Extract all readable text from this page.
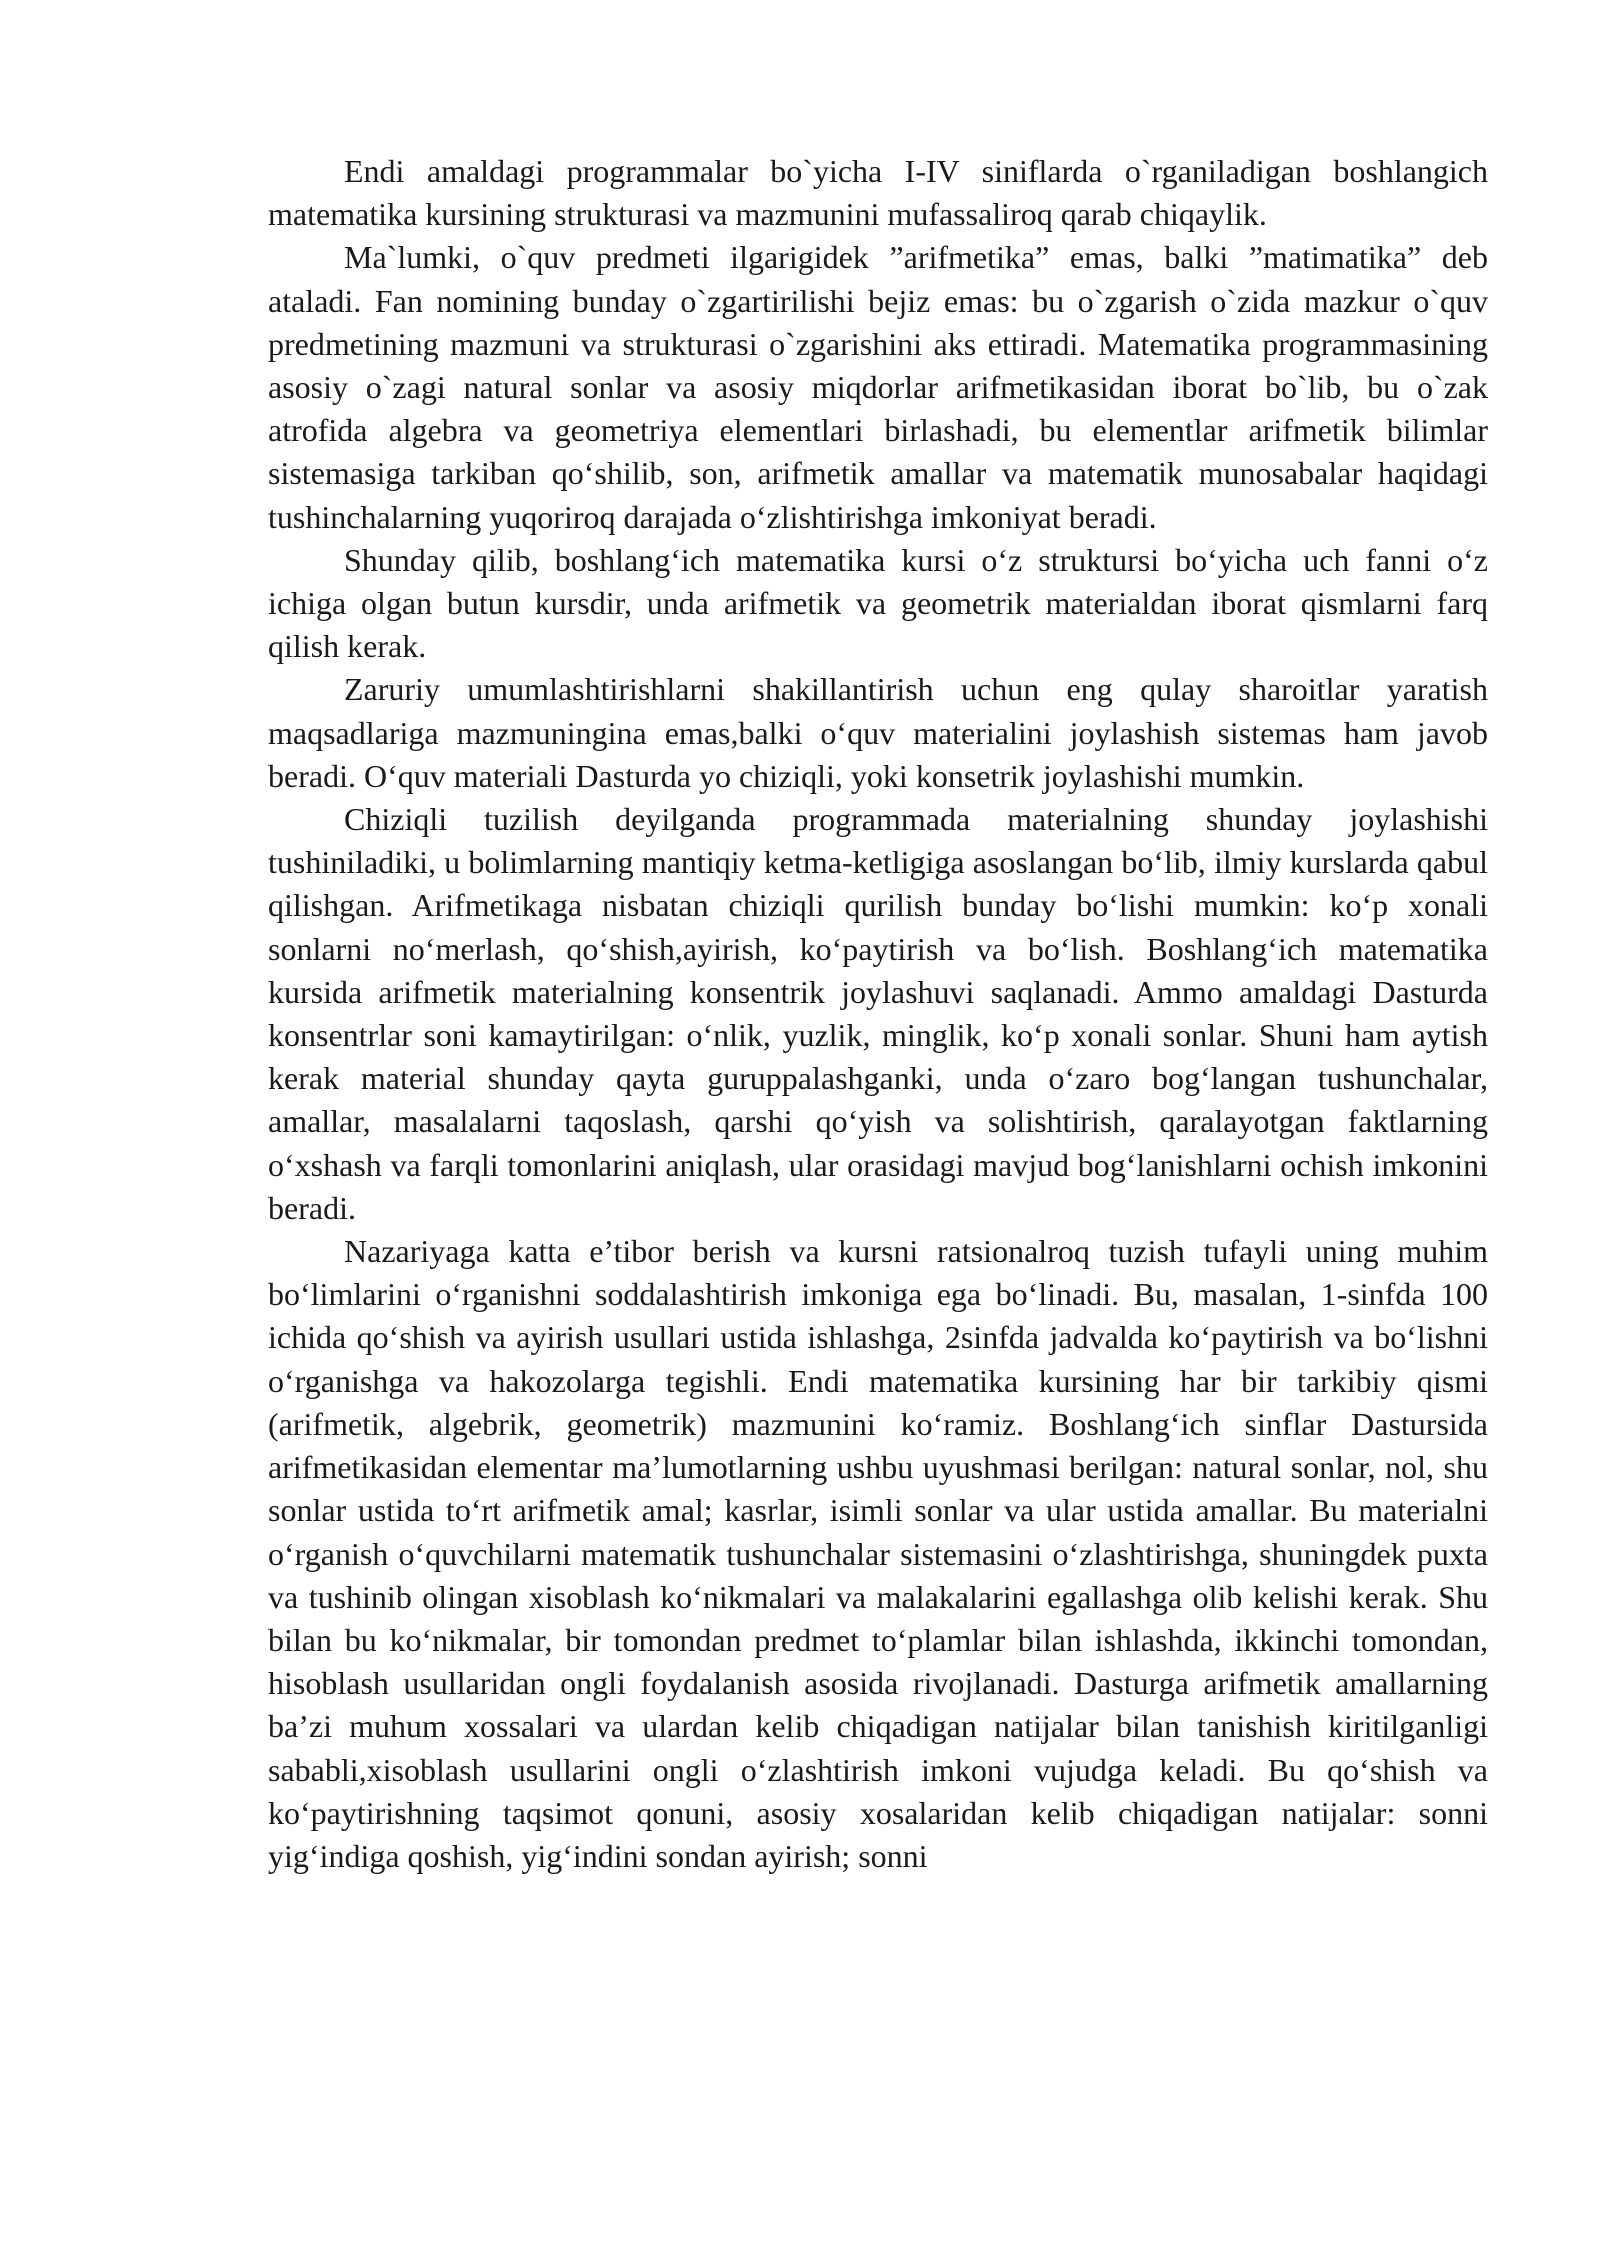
Endi amaldagi programmalar bo`yicha I-IV siniflarda o`rganiladigan boshlangich matematika kursining strukturasi va mazmunini mufassaliroq qarab chiqaylik.

Ma`lumki, o`quv predmeti ilgarigidek ”arifmetika” emas, balki ”matimatika” deb ataladi. Fan nomining bunday o`zgartirilishi bejiz emas: bu o`zgarish o`zida mazkur o`quv predmetining mazmuni va strukturasi o`zgarishini aks ettiradi. Matematika programmasining asosiy o`zagi natural sonlar va asosiy miqdorlar arifmetikasidan iborat bo`lib, bu o`zak atrofida algebra va geometriya elementlari birlashadi, bu elementlar arifmetik bilimlar sistemasiga tarkiban qo‘shilib, son, arifmetik amallar va matematik munosabalar haqidagi tushinchalarning yuqoriroq darajada o‘zlishtirishga imkoniyat beradi.

Shunday qilib, boshlang‘ich matematika kursi o‘z struktursi bo‘yicha uch fanni o‘z ichiga olgan butun kursdir, unda arifmetik va geometrik materialdan iborat qismlarni farq qilish kerak.

Zaruriy umumlashtirishlarni shakillantirish uchun eng qulay sharoitlar yaratish maqsadlariga mazmuningina emas,balki o‘quv materialini joylashish sistemas ham javob beradi. O‘quv materiali Dasturda yo chiziqli, yoki konsetrik joylashishi mumkin.

Chiziqli tuzilish deyilganda programmada materialning shunday joylashishi tushiniladiki, u bolimlarning mantiqiy ketma-ketligiga asoslangan bo‘lib, ilmiy kurslarda qabul qilishgan. Arifmetikaga nisbatan chiziqli qurilish bunday bo‘lishi mumkin: ko‘p xonali sonlarni no‘merlash, qo‘shish,ayirish, ko‘paytirish va bo‘lish. Boshlang‘ich matematika kursida arifmetik materialning konsentrik joylashuvi saqlanadi. Ammo amaldagi Dasturda konsentrlar soni kamaytirilgan: o‘nlik, yuzlik, minglik, ko‘p xonali sonlar. Shuni ham aytish kerak material shunday qayta guruppalashganki, unda o‘zaro bog‘langan tushunchalar, amallar, masalalarni taqoslash, qarshi qo‘yish va solishtirish, qaralayotgan faktlarning o‘xshash va farqli tomonlarini aniqlash, ular orasidagi mavjud bog‘lanishlarni ochish imkonini beradi.

Nazariyaga katta e’tibor berish va kursni ratsionalroq tuzish tufayli uning muhim bo‘limlarini o‘rganishni soddalashtirish imkoniga ega bo‘linadi. Bu, masalan, 1-sinfda 100 ichida qo‘shish va ayirish usullari ustida ishlashga, 2sinfda jadvalda ko‘paytirish va bo‘lishni o‘rganishga va hakozolarga tegishli. Endi matematika kursining har bir tarkibiy qismi (arifmetik, algebrik, geometrik) mazmunini ko‘ramiz. Boshlang‘ich sinflar Dastursida arifmetikasidan elementar ma’lumotlarning ushbu uyushmasi berilgan: natural sonlar, nol, shu sonlar ustida to‘rt arifmetik amal; kasrlar, isimli sonlar va ular ustida amallar. Bu materialni o‘rganish o‘quvchilarni matematik tushunchalar sistemasini o‘zlashtirishga, shuningdek puxta va tushinib olingan xisoblash ko‘nikmalari va malakalarini egallashga olib kelishi kerak. Shu bilan bu ko‘nikmalar, bir tomondan predmet to‘plamlar bilan ishlashda, ikkinchi tomondan, hisoblash usullaridan ongli foydalanish asosida rivojlanadi. Dasturga arifmetik amallarning ba’zi muhum xossalari va ulardan kelib chiqadigan natijalar bilan tanishish kiritilganligi sababli,xisoblash usullarini ongli o‘zlashtirish imkoni vujudga keladi. Bu qo‘shish va ko‘paytirishning taqsimot qonuni, asosiy xosalaridan kelib chiqadigan natijalar: sonni yig‘indiga qoshish, yig‘indini sondan ayirish; sonni
